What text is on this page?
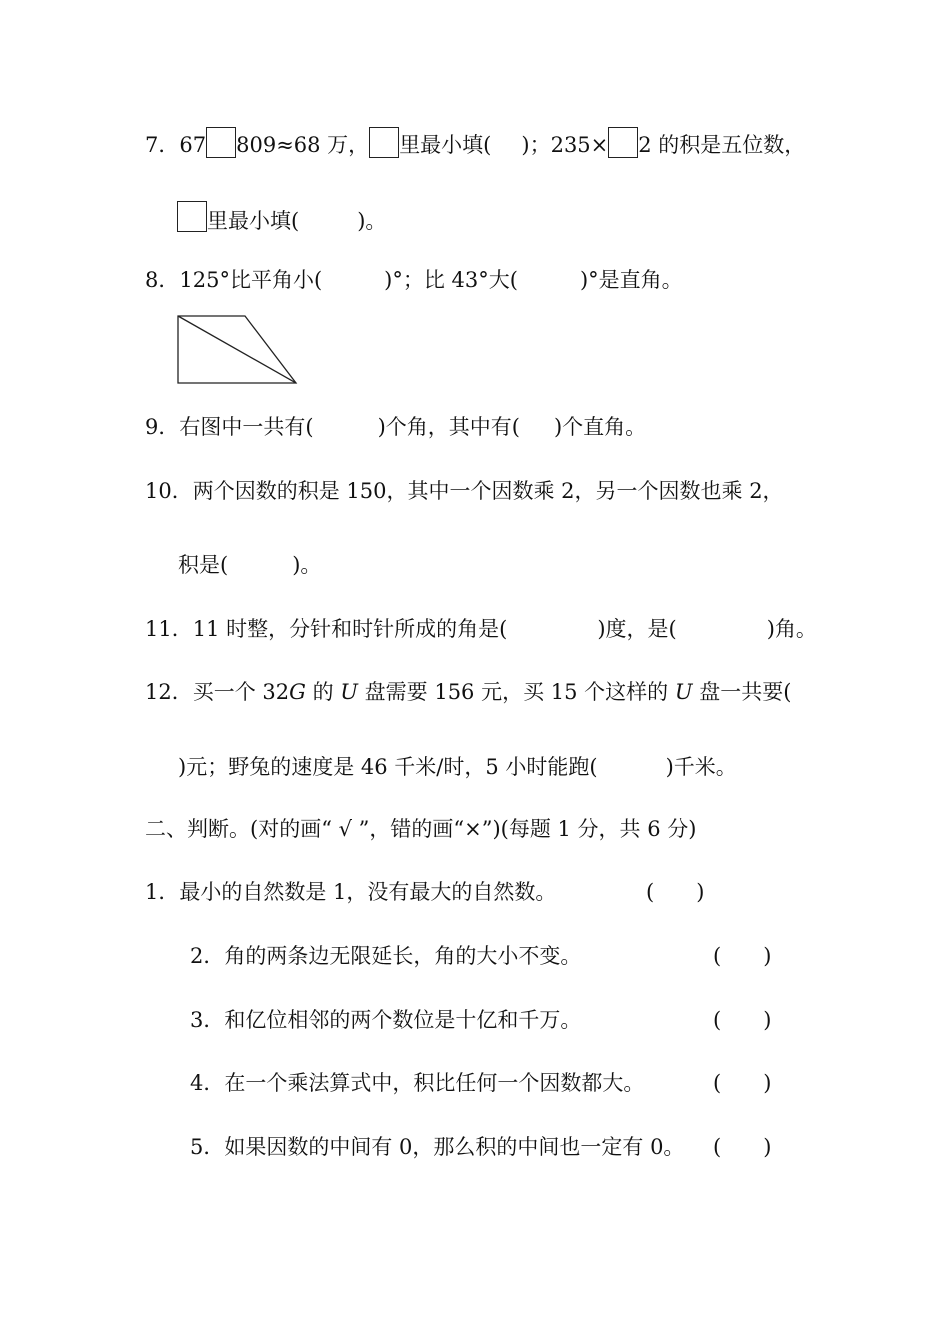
7．67 809≈68 万， 里最小填( )；235× 2 的积是五位数，
里最小填(	)。
8．125°比平角小(	)°；比 43°大(	)°是直角。
9．右图中一共有(	)个角，其中有( )个直角。
10．两个因数的积是 150，其中一个因数乘 2，另一个因数也乘 2，
积是(	)。
11．11 时整，分针和时针所成的角是(	)度，是(	)角。
12．买一个 32G 的 U 盘需要 156 元，买 15 个这样的 U 盘一共要(
)元；野兔的速度是 46 千米/时，5 小时能跑(	)千米。
二、判断。(对的画“ √ ”，错的画“×”)(每题 1 分，共 6 分)
1．最小的自然数是 1，没有最大的自然数。	(　　)
2．角的两条边无限延长，角的大小不变。	(　　)
3．和亿位相邻的两个数位是十亿和千万。	(　　)
4．在一个乘法算式中，积比任何一个因数都大。	(　　)
5．如果因数的中间有 0，那么积的中间也一定有 0。 (　　)
